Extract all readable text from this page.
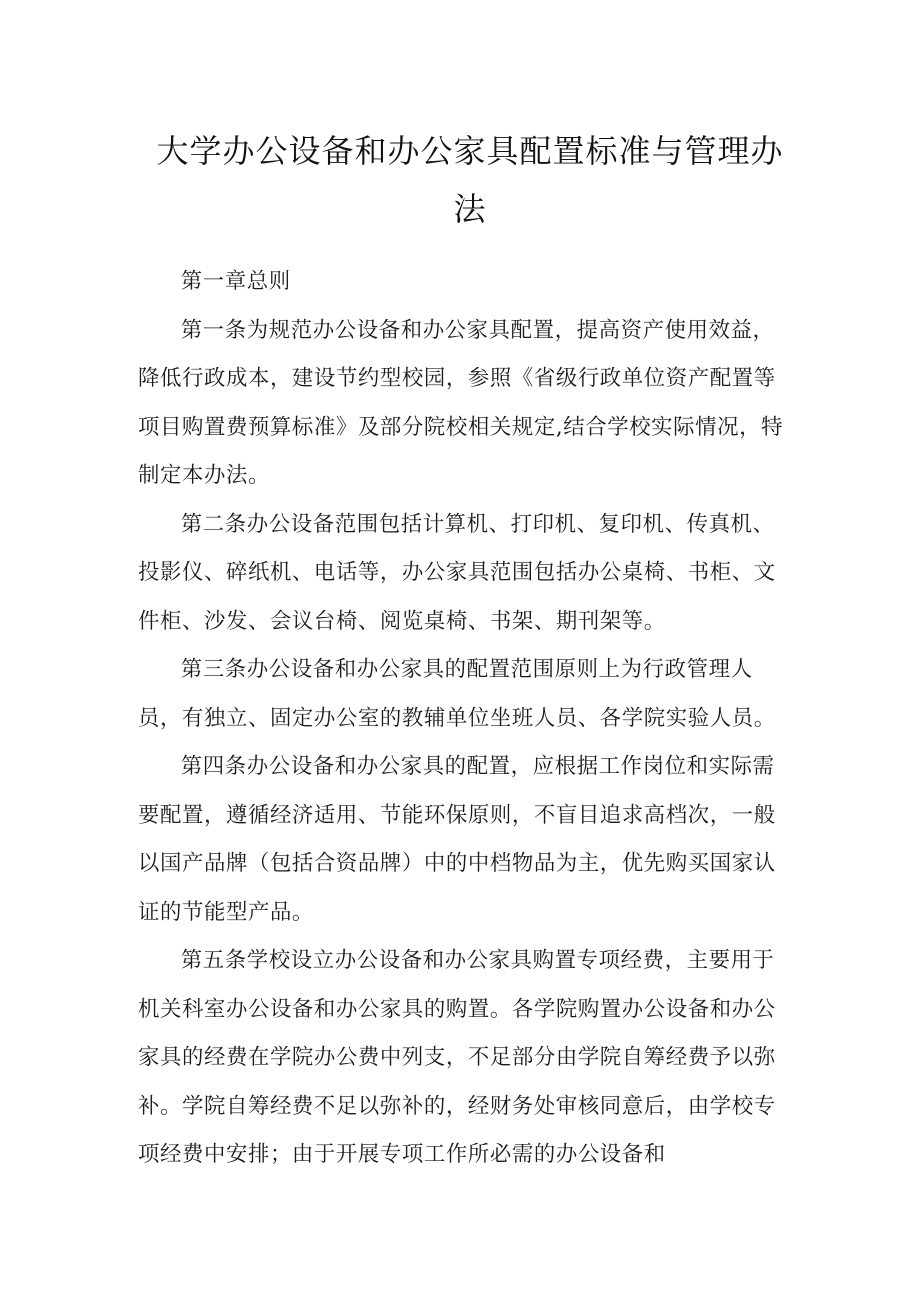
大学办公设备和办公家具配置标准与管理办法

第一章总则

第一条为规范办公设备和办公家具配置，提高资产使用效益，降低行政成本，建设节约型校园，参照《省级行政单位资产配置等项目购置费预算标准》及部分院校相关规定,结合学校实际情况，特制定本办法。

第二条办公设备范围包括计算机、打印机、复印机、传真机、投影仪、碎纸机、电话等，办公家具范围包括办公桌椅、书柜、文件柜、沙发、会议台椅、阅览桌椅、书架、期刊架等。

第三条办公设备和办公家具的配置范围原则上为行政管理人员，有独立、固定办公室的教辅单位坐班人员、各学院实验人员。

第四条办公设备和办公家具的配置，应根据工作岗位和实际需要配置，遵循经济适用、节能环保原则，不盲目追求高档次，一般以国产品牌（包括合资品牌）中的中档物品为主，优先购买国家认证的节能型产品。

第五条学校设立办公设备和办公家具购置专项经费，主要用于机关科室办公设备和办公家具的购置。各学院购置办公设备和办公家具的经费在学院办公费中列支，不足部分由学院自筹经费予以弥补。学院自筹经费不足以弥补的，经财务处审核同意后，由学校专项经费中安排；由于开展专项工作所必需的办公设备和
